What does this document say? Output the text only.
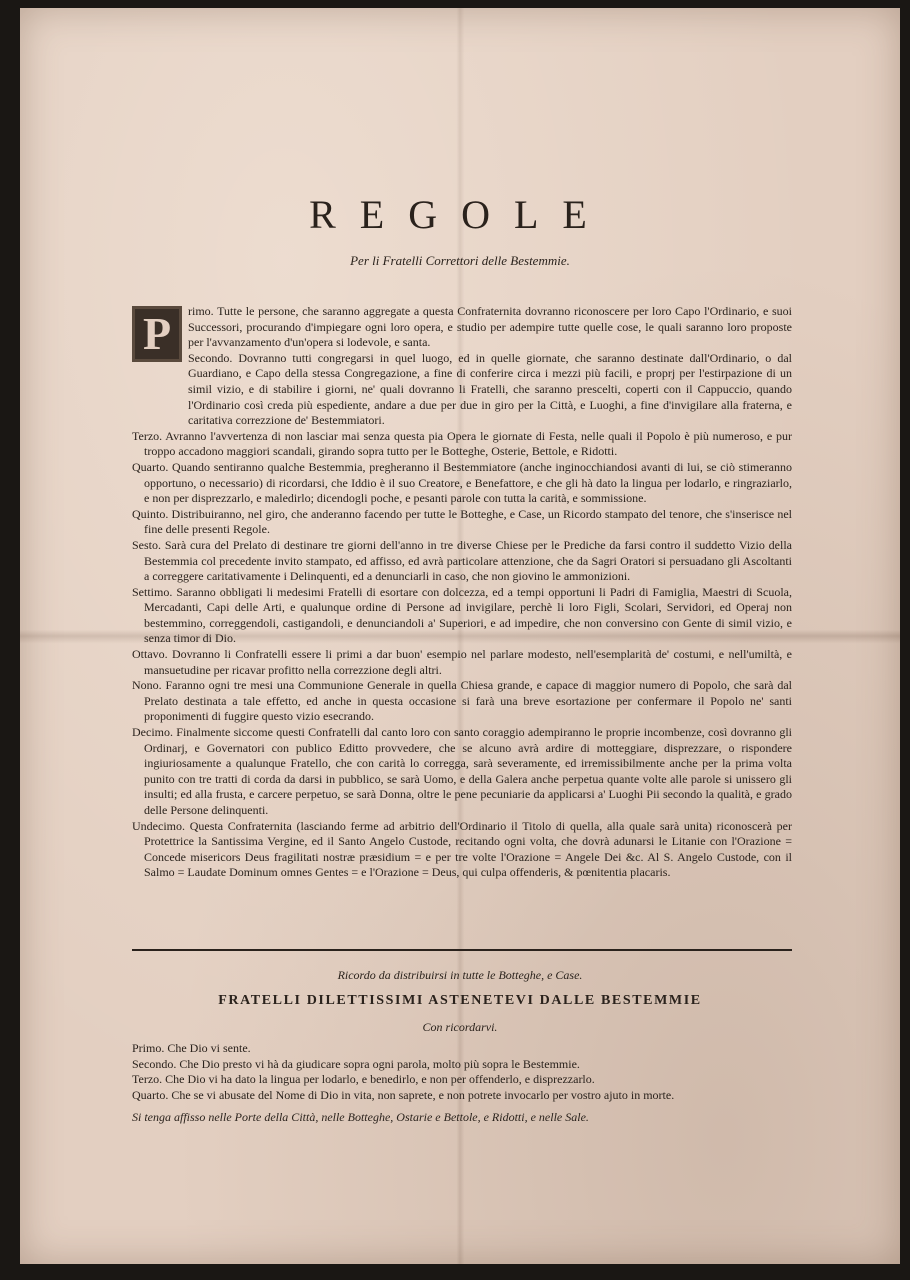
REGOLE
Per li Fratelli Correttori delle Bestemmie.

P	rimo. Tutte le persone, che saranno aggregate a questa Confraternita dovranno riconoscere per loro Capo l'Ordinario, e suoi Successori, procurando d'impiegare ogni loro opera, e studio per adempire tutte quelle cose, le quali saranno loro proposte per l'avvanzamento d'un'opera si lodevole, e santa.

Secondo. Dovranno tutti congregarsi in quel luogo, ed in quelle giornate, che saranno destinate dall'Ordinario, o dal Guardiano, e Capo della stessa Congregazione, a fine di conferire circa i mezzi più facili, e proprj per l'estirpazione di un simil vizio, e di stabilire i giorni, ne' quali dovranno li Fratelli, che saranno prescelti, coperti con il Cappuccio, quando l'Ordinario così creda più espediente, andare a due per due in giro per la Città, e Luoghi, a fine d'invigilare alla fraterna, e caritativa correzzione de' Bestemmiatori.

Terzo. Avranno l'avvertenza di non lasciar mai senza questa pia Opera le giornate di Festa, nelle quali il Popolo è più numeroso, e pur troppo accadono maggiori scandali, girando sopra tutto per le Botteghe, Osterie, Bettole, e Ridotti.

Quarto. Quando sentiranno qualche Bestemmia, pregheranno il Bestemmiatore (anche inginocchiandosi avanti di lui, se ciò stimeranno opportuno, o necessario) di ricordarsi, che Iddio è il suo Creatore, e Benefattore, e che gli hà dato la lingua per lodarlo, e ringraziarlo, e non per disprezzarlo, e maledirlo; dicendogli poche, e pesanti parole con tutta la carità, e sommissione.

Quinto. Distribuiranno, nel giro, che anderanno facendo per tutte le Botteghe, e Case, un Ricordo stampato del tenore, che s'inserisce nel fine delle presenti Regole.

Sesto. Sarà cura del Prelato di destinare tre giorni dell'anno in tre diverse Chiese per le Prediche da farsi contro il suddetto Vizio della Bestemmia col precedente invito stampato, ed affisso, ed avrà particolare attenzione, che da Sagri Oratori si persuadano gli Ascoltanti a correggere caritativamente i Delinquenti, ed a denunciarli in caso, che non giovino le ammonizioni.

Settimo. Saranno obbligati li medesimi Fratelli di esortare con dolcezza, ed a tempi opportuni li Padri di Famiglia, Maestri di Scuola, Mercadanti, Capi delle Arti, e qualunque ordine di Persone ad invigilare, perchè li loro Figli, Scolari, Servidori, ed Operaj non bestemmino, correggendoli, castigandoli, e denunciandoli a' Superiori, e ad impedire, che non conversino con Gente di simil vizio, e senza timor di Dio.

Ottavo. Dovranno li Confratelli essere li primi a dar buon' esempio nel parlare modesto, nell'esemplarità de' costumi, e nell'umiltà, e mansuetudine per ricavar profitto nella correzzione degli altri.

Nono. Faranno ogni tre mesi una Communione Generale in quella Chiesa grande, e capace di maggior numero di Popolo, che sarà dal Prelato destinata a tale effetto, ed anche in questa occasione si farà una breve esortazione per confermare il Popolo ne' santi proponimenti di fuggire questo vizio esecrando.

Decimo. Finalmente siccome questi Confratelli dal canto loro con santo coraggio adempiranno le proprie incombenze, così dovranno gli Ordinarj, e Governatori con publico Editto provvedere, che se alcuno avrà ardire di motteggiare, disprezzare, o rispondere ingiuriosamente a qualunque Fratello, che con carità lo corregga, sarà severamente, ed irremissibilmente anche per la prima volta punito con tre tratti di corda da darsi in pubblico, se sarà Uomo, e della Galera anche perpetua quante volte alle parole si unissero gli insulti; ed alla frusta, e carcere perpetuo, se sarà Donna, oltre le pene pecuniarie da applicarsi a' Luoghi Pii secondo la qualità, e grado delle Persone delinquenti.

Undecimo. Questa Confraternita (lasciando ferme ad arbitrio dell'Ordinario il Titolo di quella, alla quale sarà unita) riconoscerà per Protettrice la Santissima Vergine, ed il Santo Angelo Custode, recitando ogni volta, che dovrà adunarsi le Litanie con l'Orazione = Concede misericors Deus fragilitati nostræ præsidium = e per tre volte l'Orazione = Angele Dei &c. Al S. Angelo Custode, con il Salmo = Laudate Dominum omnes Gentes = e l'Orazione = Deus, qui culpa offenderis, & pœnitentia placaris.

Ricordo da distribuirsi in tutte le Botteghe, e Case.
FRATELLI DILETTISSIMI ASTENETEVI DALLE BESTEMMIE
Con ricordarvi.

Primo. Che Dio vi sente.

Secondo. Che Dio presto vi hà da giudicare sopra ogni parola, molto più sopra le Bestemmie.

Terzo. Che Dio vi ha dato la lingua per lodarlo, e benedirlo, e non per offenderlo, e disprezzarlo.

Quarto. Che se vi abusate del Nome di Dio in vita, non saprete, e non potrete invocarlo per vostro ajuto in morte.

Si tenga affisso nelle Porte della Città, nelle Botteghe, Ostarie e Bettole, e Ridotti, e nelle Sale.
